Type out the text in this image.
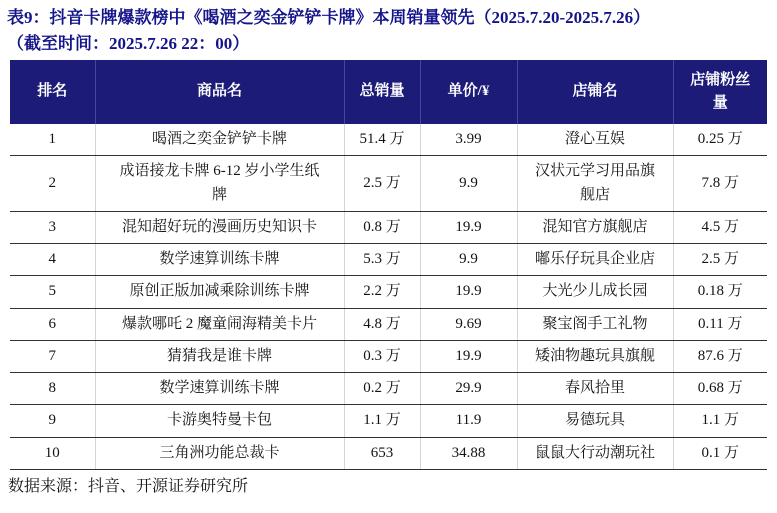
表9：抖音卡牌爆款榜中《喝酒之奕金铲铲卡牌》本周销量领先（2025.7.20-2025.7.26）
（截至时间：2025.7.26 22：00）
排名	商品名	总销量	单价/¥	店铺名	店铺粉丝量
1	喝酒之奕金铲铲卡牌	51.4 万	3.99	澄心互娱	0.25 万
2	成语接龙卡牌 6-12 岁小学生纸牌	2.5 万	9.9	汉状元学习用品旗舰店	7.8 万
3	混知超好玩的漫画历史知识卡	0.8 万	19.9	混知官方旗舰店	4.5 万
4	数学速算训练卡牌	5.3 万	9.9	嘟乐仔玩具企业店	2.5 万
5	原创正版加减乘除训练卡牌	2.2 万	19.9	大光少儿成长园	0.18 万
6	爆款哪吒 2 魔童闹海精美卡片	4.8 万	9.69	聚宝阁手工礼物	0.11 万
7	猜猜我是谁卡牌	0.3 万	19.9	矮油物趣玩具旗舰	87.6 万
8	数学速算训练卡牌	0.2 万	29.9	春风拾里	0.68 万
9	卡游奥特曼卡包	1.1 万	11.9	易德玩具	1.1 万
10	三角洲功能总裁卡	653	34.88	鼠鼠大行动潮玩社	0.1 万
数据来源：抖音、开源证券研究所
